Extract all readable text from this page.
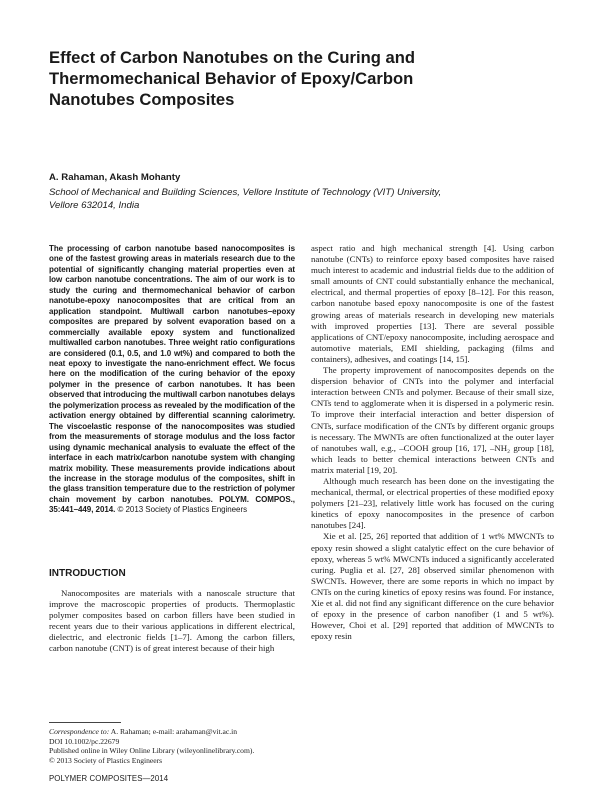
Effect of Carbon Nanotubes on the Curing and Thermomechanical Behavior of Epoxy/Carbon Nanotubes Composites
A. Rahaman, Akash Mohanty
School of Mechanical and Building Sciences, Vellore Institute of Technology (VIT) University, Vellore 632014, India
The processing of carbon nanotube based nanocomposites is one of the fastest growing areas in materials research due to the potential of significantly changing material properties even at low carbon nanotube concentrations. The aim of our work is to study the curing and thermomechanical behavior of carbon nanotube-epoxy nanocomposites that are critical from an application standpoint. Multiwall carbon nanotubes–epoxy composites are prepared by solvent evaporation based on a commercially available epoxy system and functionalized multiwalled carbon nanotubes. Three weight ratio configurations are considered (0.1, 0.5, and 1.0 wt%) and compared to both the neat epoxy to investigate the nano-enrichment effect. We focus here on the modification of the curing behavior of the epoxy polymer in the presence of carbon nanotubes. It has been observed that introducing the multiwall carbon nanotubes delays the polymerization process as revealed by the modification of the activation energy obtained by differential scanning calorimetry. The viscoelastic response of the nanocomposites was studied from the measurements of storage modulus and the loss factor using dynamic mechanical analysis to evaluate the effect of the interface in each matrix/carbon nanotube system with changing matrix mobility. These measurements provide indications about the increase in the storage modulus of the composites, shift in the glass transition temperature due to the restriction of polymer chain movement by carbon nanotubes. POLYM. COMPOS., 35:441–449, 2014. © 2013 Society of Plastics Engineers
INTRODUCTION

Nanocomposites are materials with a nanoscale structure that improve the macroscopic properties of products. Thermoplastic polymer composites based on carbon fillers have been studied in recent years due to their various applications in different electrical, dielectric, and electronic fields [1–7]. Among the carbon fillers, carbon nanotube (CNT) is of great interest because of their high

aspect ratio and high mechanical strength [4]. Using carbon nanotube (CNTs) to reinforce epoxy based composites have raised much interest to academic and industrial fields due to the addition of small amounts of CNT could substantially enhance the mechanical, electrical, and thermal properties of epoxy [8–12]. For this reason, carbon nanotube based epoxy nanocomposite is one of the fastest growing areas of materials research in developing new materials with improved properties [13]. There are several possible applications of CNT/epoxy nanocomposite, including aerospace and automotive materials, EMI shielding, packaging (films and containers), adhesives, and coatings [14, 15].

The property improvement of nanocomposites depends on the dispersion behavior of CNTs into the polymer and interfacial interaction between CNTs and polymer. Because of their small size, CNTs tend to agglomerate when it is dispersed in a polymeric resin. To improve their interfacial interaction and better dispersion of CNTs, surface modification of the CNTs by different organic groups is necessary. The MWNTs are often functionalized at the outer layer of nanotubes wall, e.g., –COOH group [16, 17], –NH₂ group [18], which leads to better chemical interactions between CNTs and matrix material [19, 20].

Although much research has been done on the investigating the mechanical, thermal, or electrical properties of these modified epoxy polymers [21–23], relatively little work has focused on the curing kinetics of epoxy nanocomposites in the presence of carbon nanotubes [24].

Xie et al. [25, 26] reported that addition of 1 wt% MWCNTs to epoxy resin showed a slight catalytic effect on the cure behavior of epoxy, whereas 5 wt% MWCNTs induced a significantly accelerated curing. Puglia et al. [27, 28] observed similar phenomenon with SWCNTs. However, there are some reports in which no impact by CNTs on the curing kinetics of epoxy resins was found. For instance, Xie et al. did not find any significant difference on the cure behavior of epoxy in the presence of carbon nanofiber (1 and 5 wt%). However, Choi et al. [29] reported that addition of MWCNTs to epoxy resin

Correspondence to: A. Rahaman; e-mail: arahaman@vit.ac.in
DOI 10.1002/pc.22679
Published online in Wiley Online Library (wileyonlinelibrary.com).
© 2013 Society of Plastics Engineers
POLYMER COMPOSITES—2014
